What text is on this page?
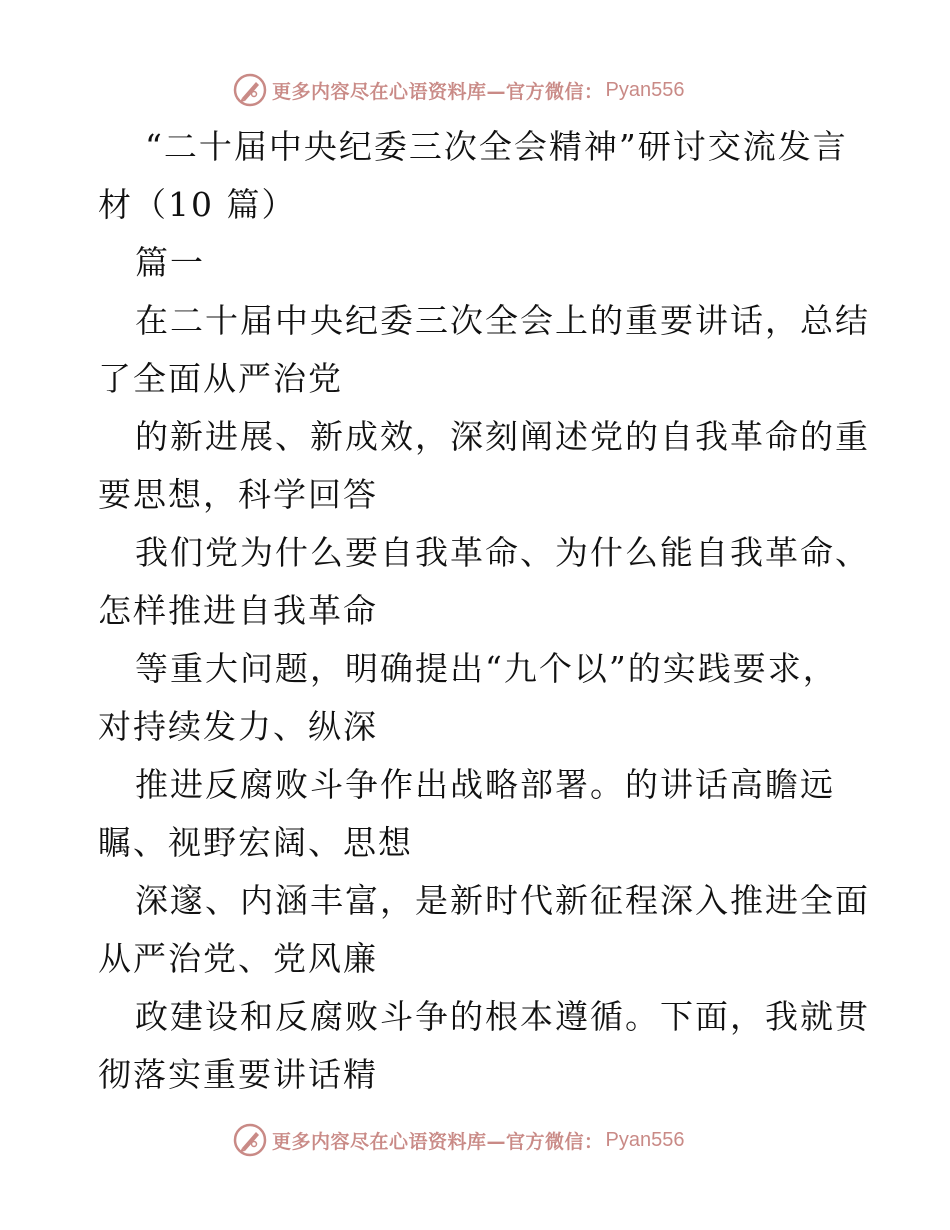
更多内容尽在心语资料库—官方微信： Pyan556
“二十届中央纪委三次全会精神”研讨交流发言
材（10 篇）
篇一
在二十届中央纪委三次全会上的重要讲话，总结
了全面从严治党
的新进展、新成效，深刻阐述党的自我革命的重
要思想，科学回答
我们党为什么要自我革命、为什么能自我革命、
怎样推进自我革命
等重大问题，明确提出“九个以”的实践要求，
对持续发力、纵深
推进反腐败斗争作出战略部署。的讲话高瞻远
瞩、视野宏阔、思想
深邃、内涵丰富，是新时代新征程深入推进全面
从严治党、党风廉
政建设和反腐败斗争的根本遵循。下面，我就贯
彻落实重要讲话精
更多内容尽在心语资料库—官方微信： Pyan556
